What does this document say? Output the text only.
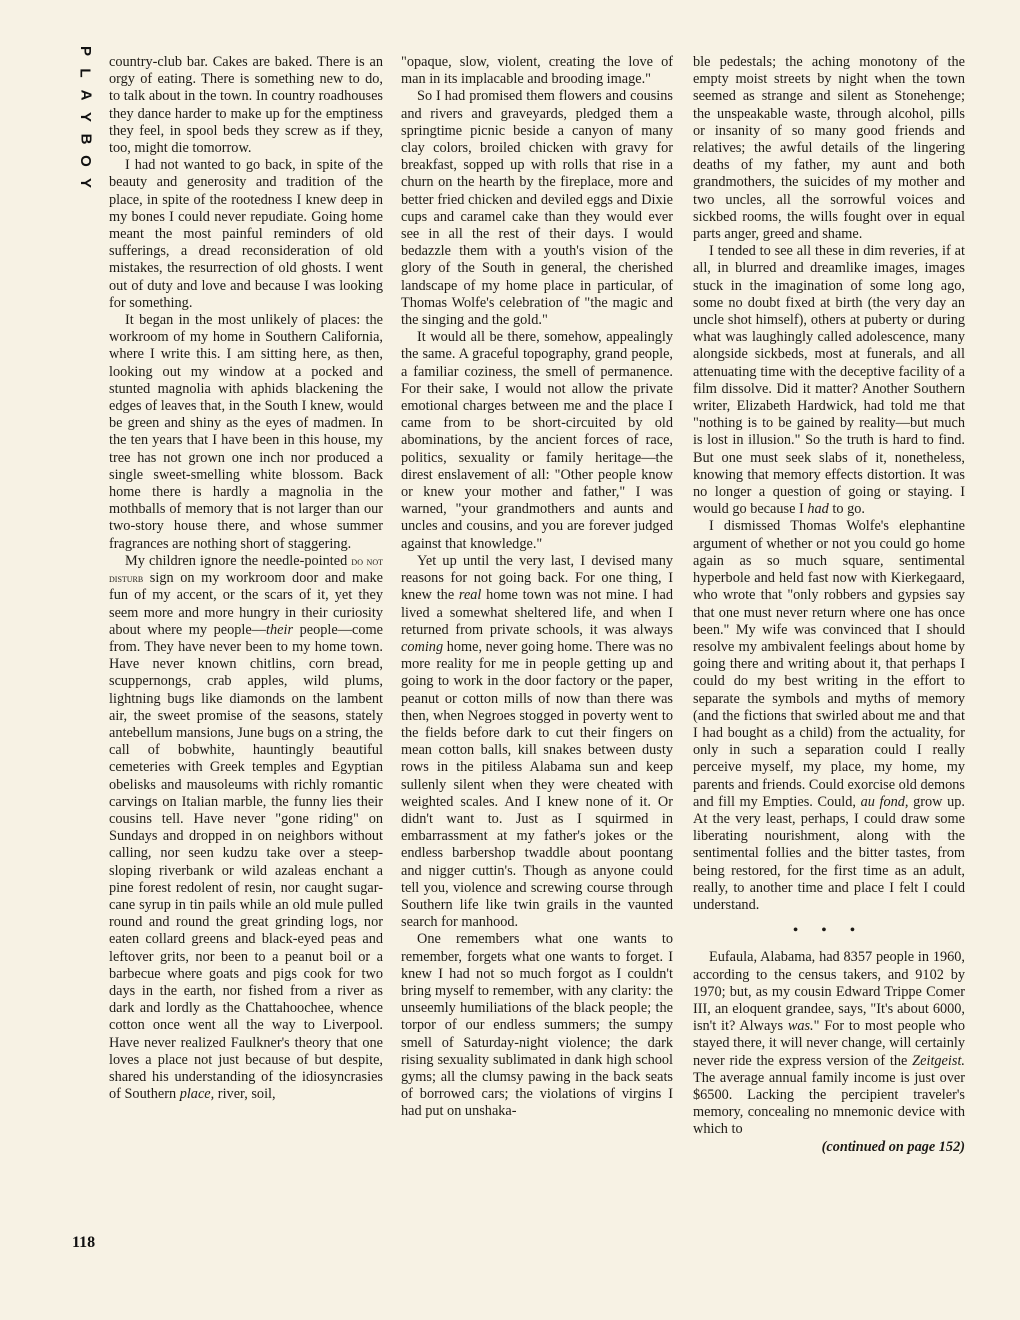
P
L
A
Y
B
O
Y
118

country-club bar. Cakes are baked. There is an orgy of eating. There is something new to do, to talk about in the town. In country roadhouses they dance harder to make up for the emptiness they feel, in spool beds they screw as if they, too, might die tomorrow.

I had not wanted to go back, in spite of the beauty and generosity and tradition of the place, in spite of the rootedness I knew deep in my bones I could never repudiate. Going home meant the most painful reminders of old sufferings, a dread reconsideration of old mistakes, the resurrection of old ghosts. I went out of duty and love and because I was looking for something.

It began in the most unlikely of places: the workroom of my home in Southern California, where I write this. I am sitting here, as then, looking out my window at a pocked and stunted magnolia with aphids blackening the edges of leaves that, in the South I knew, would be green and shiny as the eyes of madmen. In the ten years that I have been in this house, my tree has not grown one inch nor produced a single sweet-smelling white blossom. Back home there is hardly a magnolia in the mothballs of memory that is not larger than our two-story house there, and whose summer fragrances are nothing short of staggering.

My children ignore the needle-pointed do not disturb sign on my workroom door and make fun of my accent, or the scars of it, yet they seem more and more hungry in their curiosity about where my people—their people—come from. They have never been to my home town. Have never known chitlins, corn bread, scuppernongs, crab apples, wild plums, lightning bugs like diamonds on the lambent air, the sweet promise of the seasons, stately antebellum mansions, June bugs on a string, the call of bobwhite, hauntingly beautiful cemeteries with Greek temples and Egyptian obelisks and mausoleums with richly romantic carvings on Italian marble, the funny lies their cousins tell. Have never "gone riding" on Sundays and dropped in on neighbors without calling, nor seen kudzu take over a steep-sloping riverbank or wild azaleas enchant a pine forest redolent of resin, nor caught sugar-cane syrup in tin pails while an old mule pulled round and round the great grinding logs, nor eaten collard greens and black-eyed peas and leftover grits, nor been to a peanut boil or a barbecue where goats and pigs cook for two days in the earth, nor fished from a river as dark and lordly as the Chattahoochee, whence cotton once went all the way to Liverpool. Have never realized Faulkner's theory that one loves a place not just because of but despite, shared his understanding of the idiosyncrasies of Southern place, river, soil,

"opaque, slow, violent, creating the love of man in its implacable and brooding image."

So I had promised them flowers and cousins and rivers and graveyards, pledged them a springtime picnic beside a canyon of many clay colors, broiled chicken with gravy for breakfast, sopped up with rolls that rise in a churn on the hearth by the fireplace, more and better fried chicken and deviled eggs and Dixie cups and caramel cake than they would ever see in all the rest of their days. I would bedazzle them with a youth's vision of the glory of the South in general, the cherished landscape of my home place in particular, of Thomas Wolfe's celebration of "the magic and the singing and the gold."

It would all be there, somehow, appealingly the same. A graceful topography, grand people, a familiar coziness, the smell of permanence. For their sake, I would not allow the private emotional charges between me and the place I came from to be short-circuited by old abominations, by the ancient forces of race, politics, sexuality or family heritage—the direst enslavement of all: "Other people know or knew your mother and father," I was warned, "your grandmothers and aunts and uncles and cousins, and you are forever judged against that knowledge."

Yet up until the very last, I devised many reasons for not going back. For one thing, I knew the real home town was not mine. I had lived a somewhat sheltered life, and when I returned from private schools, it was always coming home, never going home. There was no more reality for me in people getting up and going to work in the door factory or the paper, peanut or cotton mills of now than there was then, when Negroes stogged in poverty went to the fields before dark to cut their fingers on mean cotton balls, kill snakes between dusty rows in the pitiless Alabama sun and keep sullenly silent when they were cheated with weighted scales. And I knew none of it. Or didn't want to. Just as I squirmed in embarrassment at my father's jokes or the endless barbershop twaddle about poontang and nigger cuttin's. Though as anyone could tell you, violence and screwing course through Southern life like twin grails in the vaunted search for manhood.

One remembers what one wants to remember, forgets what one wants to forget. I knew I had not so much forgot as I couldn't bring myself to remember, with any clarity: the unseemly humiliations of the black people; the torpor of our endless summers; the sumpy smell of Saturday-night violence; the dark rising sexuality sublimated in dank high school gyms; all the clumsy pawing in the back seats of borrowed cars; the violations of virgins I had put on unshaka-

ble pedestals; the aching monotony of the empty moist streets by night when the town seemed as strange and silent as Stonehenge; the unspeakable waste, through alcohol, pills or insanity of so many good friends and relatives; the awful details of the lingering deaths of my father, my aunt and both grandmothers, the suicides of my mother and two uncles, all the sorrowful voices and sickbed rooms, the wills fought over in equal parts anger, greed and shame.

I tended to see all these in dim reveries, if at all, in blurred and dreamlike images, images stuck in the imagination of some long ago, some no doubt fixed at birth (the very day an uncle shot himself), others at puberty or during what was laughingly called adolescence, many alongside sickbeds, most at funerals, and all attenuating time with the deceptive facility of a film dissolve. Did it matter? Another Southern writer, Elizabeth Hardwick, had told me that "nothing is to be gained by reality—but much is lost in illusion." So the truth is hard to find. But one must seek slabs of it, nonetheless, knowing that memory effects distortion. It was no longer a question of going or staying. I would go because I had to go.

I dismissed Thomas Wolfe's elephantine argument of whether or not you could go home again as so much square, sentimental hyperbole and held fast now with Kierkegaard, who wrote that "only robbers and gypsies say that one must never return where one has once been." My wife was convinced that I should resolve my ambivalent feelings about home by going there and writing about it, that perhaps I could do my best writing in the effort to separate the symbols and myths of memory (and the fictions that swirled about me and that I had bought as a child) from the actuality, for only in such a separation could I really perceive myself, my place, my home, my parents and friends. Could exorcise old demons and fill my Empties. Could, au fond, grow up. At the very least, perhaps, I could draw some liberating nourishment, along with the sentimental follies and the bitter tastes, from being restored, for the first time as an adult, really, to another time and place I felt I could understand.

• • •

Eufaula, Alabama, had 8357 people in 1960, according to the census takers, and 9102 by 1970; but, as my cousin Edward Trippe Comer III, an eloquent grandee, says, "It's about 6000, isn't it? Always was." For to most people who stayed there, it will never change, will certainly never ride the express version of the Zeitgeist. The average annual family income is just over $6500. Lacking the percipient traveler's memory, concealing no mnemonic device with which to

(continued on page 152)
